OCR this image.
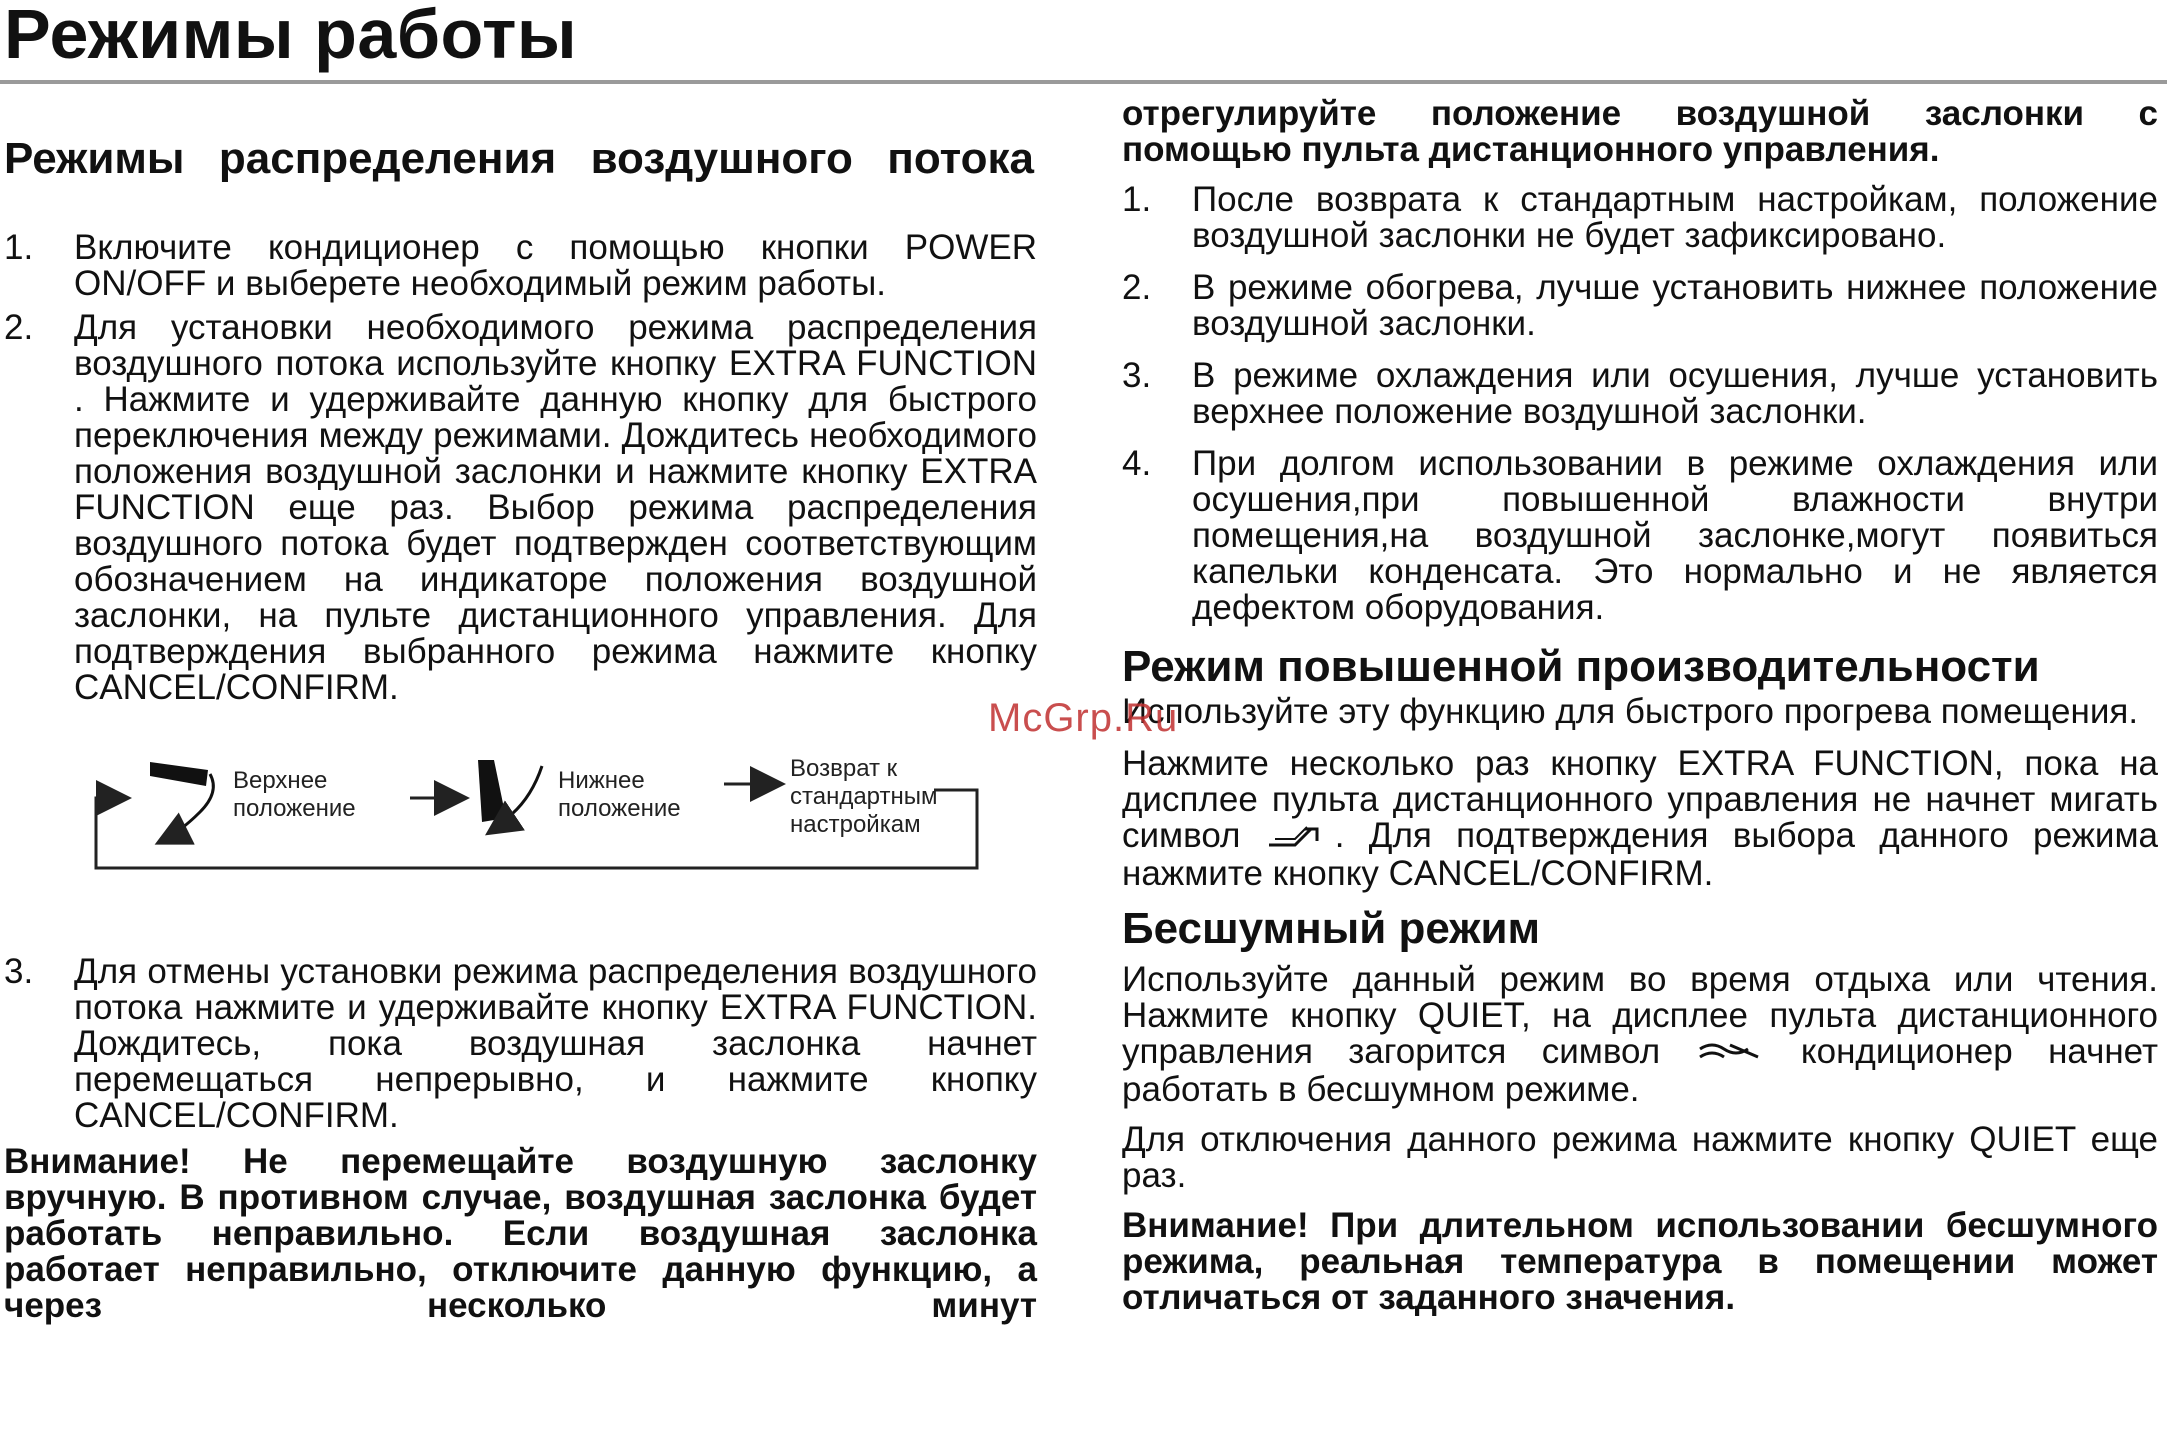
Режимы работы
Режимы распределения воздушного потока
1. Включите кондиционер с помощью кнопки POWER ON/OFF и выберете необходимый режим работы.
2. Для установки необходимого режима распределения воздушного потока используйте кнопку EXTRA FUNCTION . Нажмите и удерживайте данную кнопку для быстрого переключения между режимами. Дождитесь необходимого положения воздушной заслонки и нажмите кнопку EXTRA FUNCTION еще раз. Выбор режима распределения воздушного потока будет подтвержден соответствующим обозначением на индикаторе положения воздушной заслонки, на пульте дистанционного управления. Для подтверждения выбранного режима нажмите кнопку CANCEL/CONFIRM.
Верхнее
положение
Нижнее
положение
Возврат к
стандартным
настройкам
3. Для отмены установки режима распределения воздушного потока нажмите и удерживайте кнопку EXTRA FUNCTION. Дождитесь, пока воздушная заслонка начнет перемещаться непрерывно, и нажмите кнопку CANCEL/CONFIRM.

Внимание! Не перемещайте воздушную заслонку вручную. В противном случае, воздушная заслонка будет работать неправильно. Если воздушная заслонка работает неправильно, отключите данную функцию, а через несколько минут

отрегулируйте положение воздушной заслонки с помощью пульта дистанционного управления.

1. После возврата к стандартным настройкам, положение воздушной заслонки не будет зафиксировано.
2. В режиме обогрева, лучше установить нижнее положение воздушной заслонки.
3. В режиме охлаждения или осушения, лучше установить верхнее положение воздушной заслонки.
4. При долгом использовании в режиме охлаждения или осушения,при повышенной влажности внутри помещения,на воздушной заслонке,могут появиться капельки конденсата. Это нормально и не является дефектом оборудования.
Режим повышенной производительности

Используйте эту функцию для быстрого прогрева помещения.

Нажмите несколько раз кнопку EXTRA FUNCTION, пока на дисплее пульта дистанционного управления не начнет мигать символ	. Для подтверждения выбора данного режима нажмите кнопку CANCEL/CONFIRM.

Бесшумный режим

Используйте данный режим во время отдыха или чтения. Нажмите кнопку QUIET, на дисплее пульта дистанционного управления загорится символ	кондиционер начнет работать в бесшумном режиме.

Для отключения данного режима нажмите кнопку QUIET еще раз.

Внимание! При длительном использовании бесшумного режима, реальная температура в помещении может отличаться от заданного значения.

McGrp.Ru
